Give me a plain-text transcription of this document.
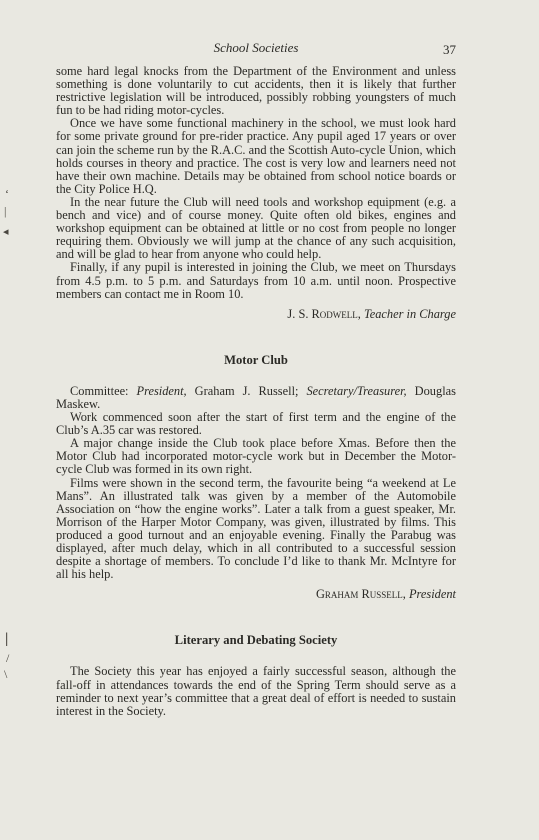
School Societies	37

some hard legal knocks from the Department of the Environment and unless something is done voluntarily to cut accidents, then it is likely that further restrictive legislation will be introduced, possibly robbing youngsters of much fun to be had riding motor-cycles.

Once we have some functional machinery in the school, we must look hard for some private ground for pre-rider practice. Any pupil aged 17 years or over can join the scheme run by the R.A.C. and the Scottish Auto-cycle Union, which holds courses in theory and practice. The cost is very low and learners need not have their own machine. Details may be obtained from school notice boards or the City Police H.Q.

In the near future the Club will need tools and workshop equipment (e.g. a bench and vice) and of course money. Quite often old bikes, engines and workshop equipment can be obtained at little or no cost from people no longer requiring them. Obviously we will jump at the chance of any such acquisition, and will be glad to hear from anyone who could help.

Finally, if any pupil is interested in joining the Club, we meet on Thursdays from 4.5 p.m. to 5 p.m. and Saturdays from 10 a.m. until noon. Prospective members can contact me in Room 10.

J. S. Rodwell, Teacher in Charge

Motor Club

Committee: President, Graham J. Russell; Secretary/Treasurer, Douglas Maskew.

Work commenced soon after the start of first term and the engine of the Club’s A.35 car was restored.

A major change inside the Club took place before Xmas. Before then the Motor Club had incorporated motor-cycle work but in December the Motor-cycle Club was formed in its own right.

Films were shown in the second term, the favourite being “a weekend at Le Mans”. An illustrated talk was given by a member of the Automobile Association on “how the engine works”. Later a talk from a guest speaker, Mr. Morrison of the Harper Motor Company, was given, illustrated by films. This produced a good turnout and an enjoyable evening. Finally the Parabug was displayed, after much delay, which in all contributed to a successful session despite a shortage of members. To conclude I’d like to thank Mr. McIntyre for all his help.

Graham Russell, President

Literary and Debating Society

The Society this year has enjoyed a fairly successful season, although the fall-off in attendances towards the end of the Spring Term should serve as a reminder to next year’s committee that a great deal of effort is needed to sustain interest in the Society.

‘
|
◂
|
/
\
